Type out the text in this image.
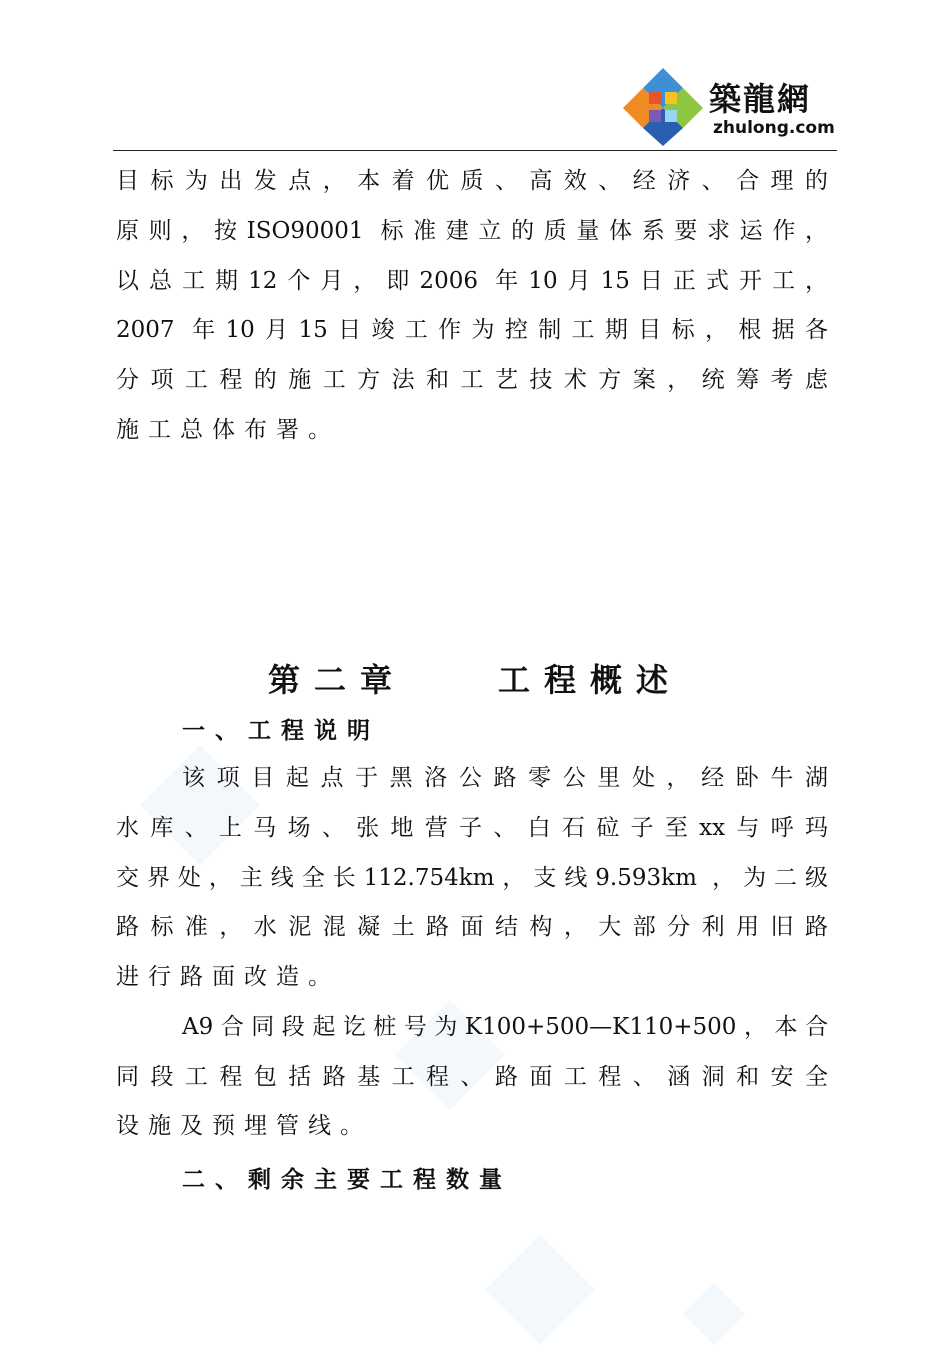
築龍網
zhulong.com
目标为出发点，本着优质、高效、经济、合理的
原则，按ISO90001 标准建立的质量体系要求运作，
以总工期12个月，即2006 年10月15日正式开工，
2007 年10月15日竣工作为控制工期目标，根据各
分项工程的施工方法和工艺技术方案，统筹考虑
施工总体布署。
第二章　　工程概述
一、工程说明
该项目起点于黑洛公路零公里处，经卧牛湖
水库、上马场、张地营子、白石砬子至xx与呼玛
交界处，主线全长112.754km，支线9.593km ，为二级
路标准，水泥混凝土路面结构，大部分利用旧路
进行路面改造。
A9合同段起讫桩号为K100+500—K110+500，本合
同段工程包括路基工程、路面工程、涵洞和安全
设施及预埋管线。
二、剩余主要工程数量
